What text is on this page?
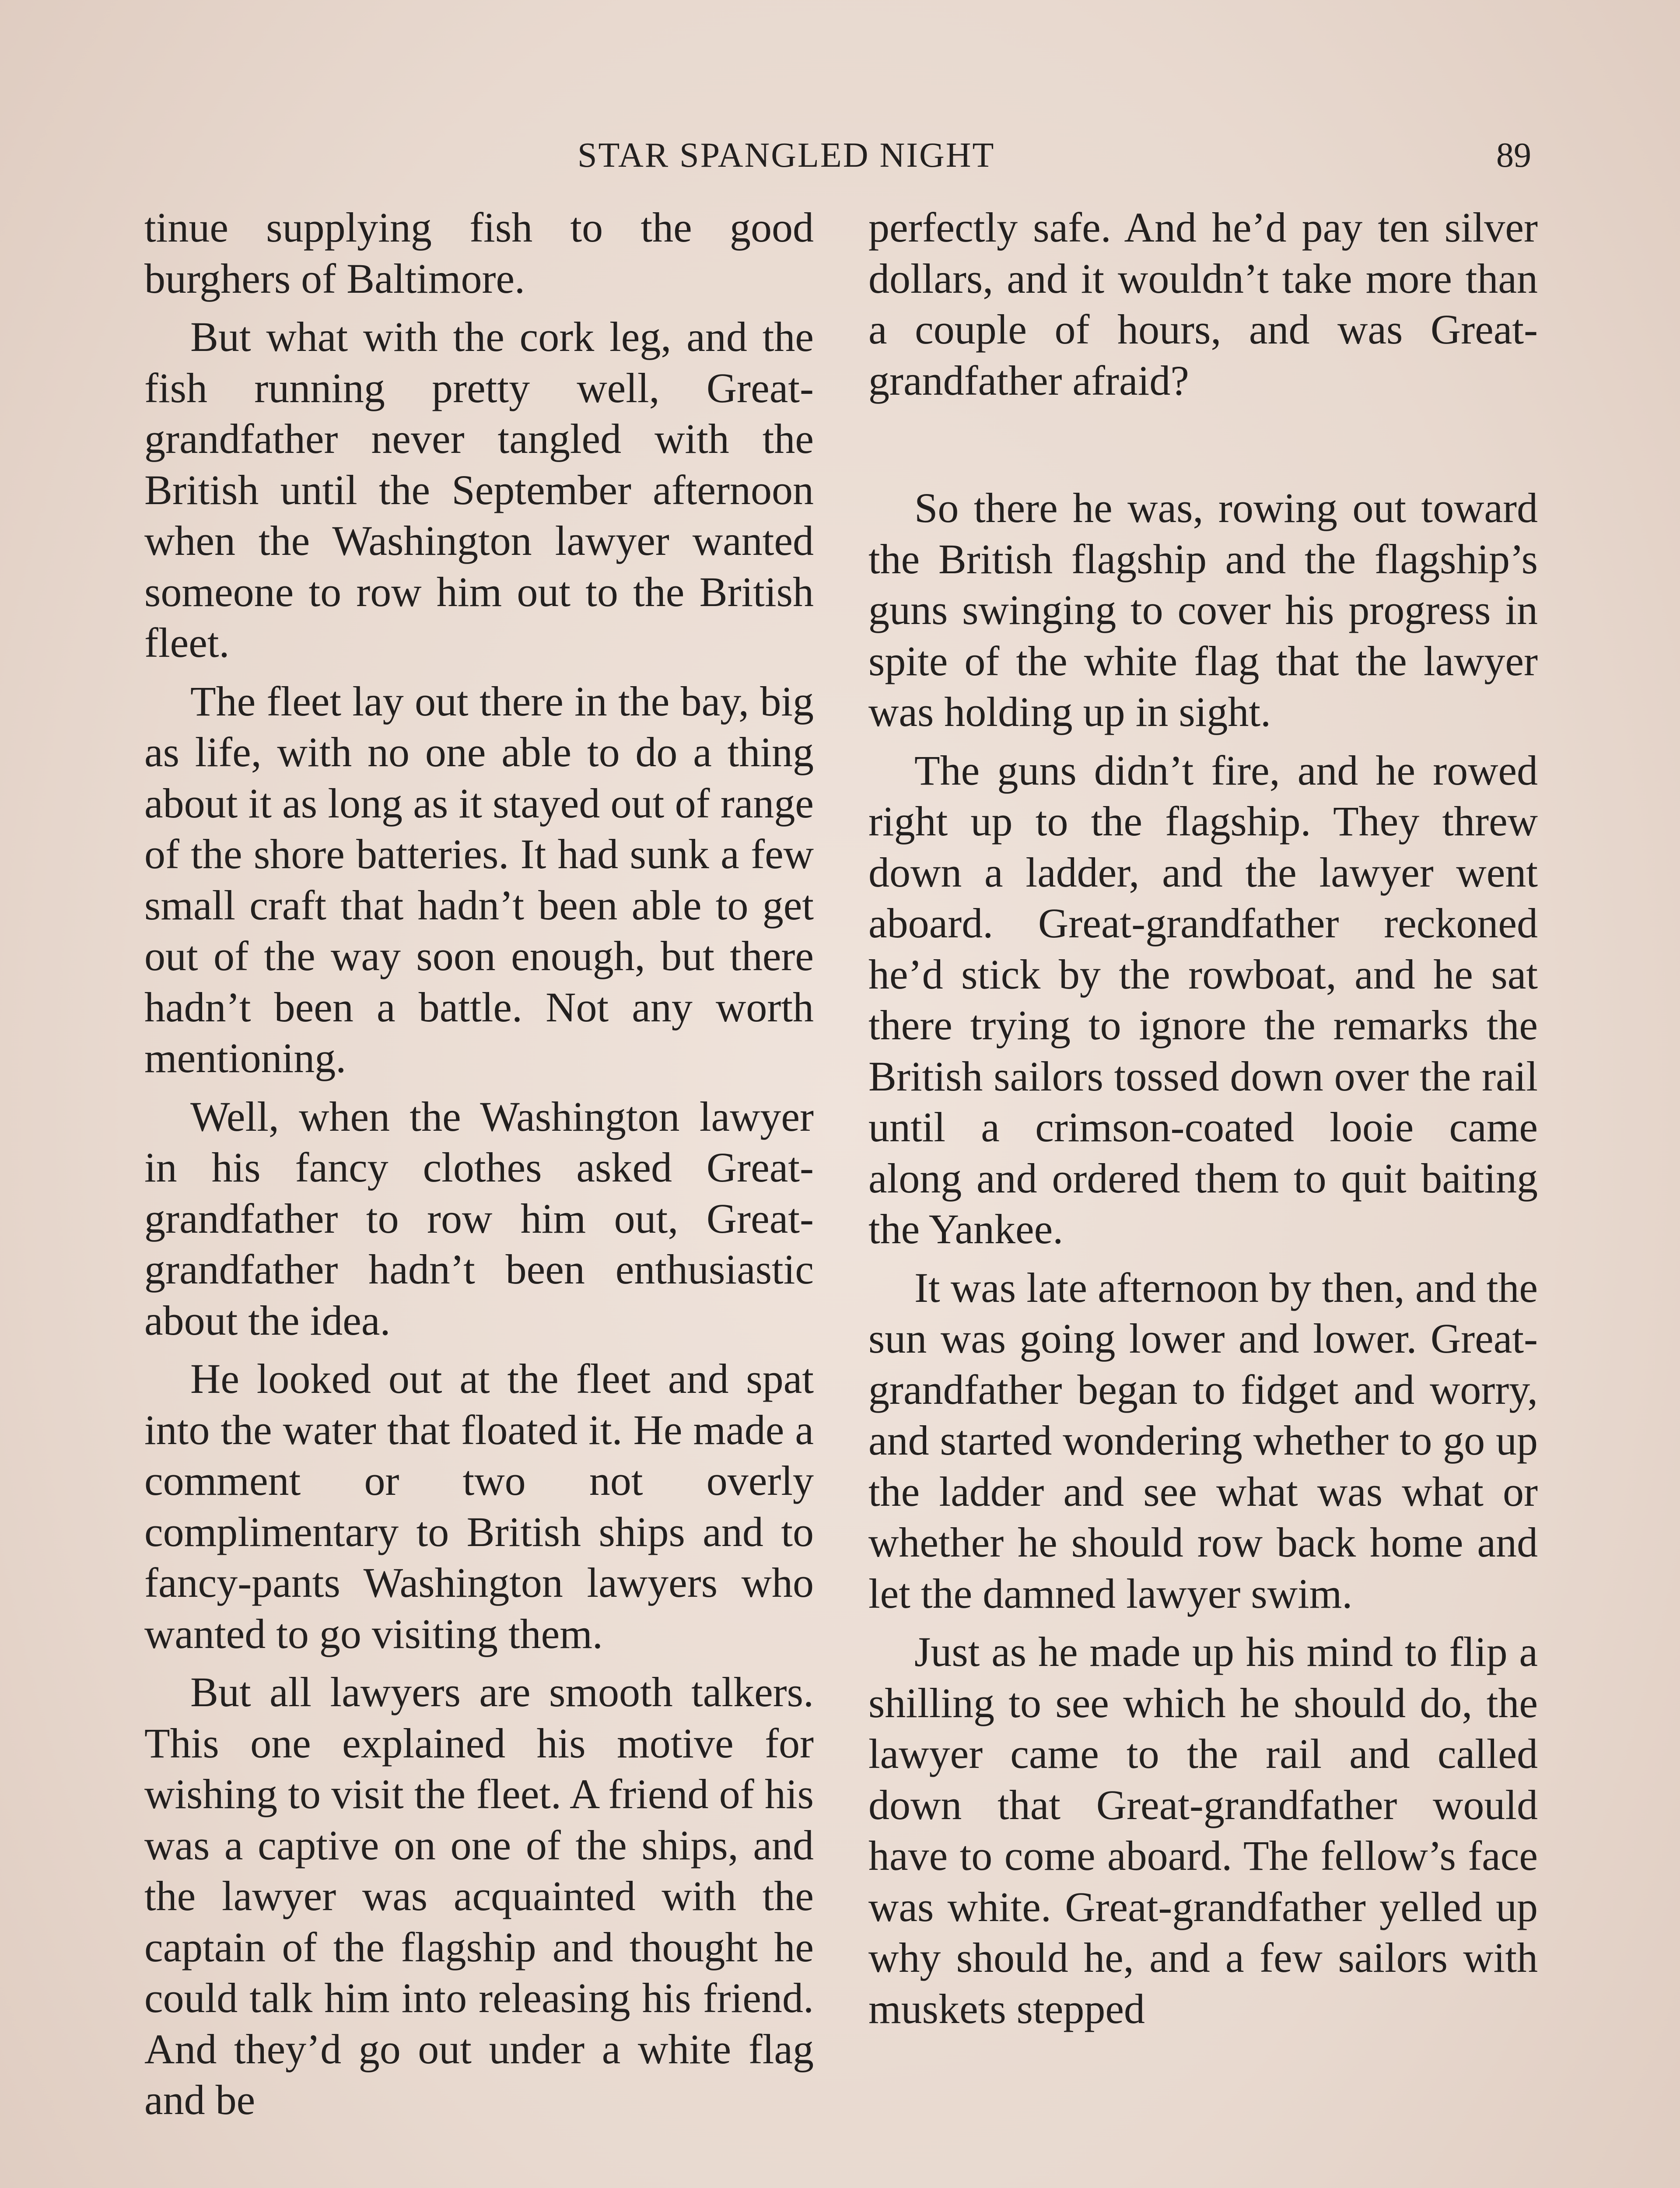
STAR SPANGLED NIGHT	89

tinue supplying fish to the good burghers of Baltimore.

But what with the cork leg, and the fish running pretty well, Great-grandfather never tangled with the British until the September afternoon when the Washington lawyer wanted someone to row him out to the British fleet.

The fleet lay out there in the bay, big as life, with no one able to do a thing about it as long as it stayed out of range of the shore batteries. It had sunk a few small craft that hadn’t been able to get out of the way soon enough, but there hadn’t been a battle. Not any worth mentioning.

Well, when the Washington lawyer in his fancy clothes asked Great-grandfather to row him out, Great-grandfather hadn’t been enthusiastic about the idea.

He looked out at the fleet and spat into the water that floated it. He made a comment or two not overly complimentary to British ships and to fancy-pants Washington lawyers who wanted to go visiting them.

But all lawyers are smooth talkers. This one explained his motive for wishing to visit the fleet. A friend of his was a captive on one of the ships, and the lawyer was acquainted with the captain of the flagship and thought he could talk him into releasing his friend. And they’d go out under a white flag and be

perfectly safe. And he’d pay ten silver dollars, and it wouldn’t take more than a couple of hours, and was Great-grandfather afraid?

So there he was, rowing out toward the British flagship and the flagship’s guns swinging to cover his progress in spite of the white flag that the lawyer was holding up in sight.

The guns didn’t fire, and he rowed right up to the flagship. They threw down a ladder, and the lawyer went aboard. Great-grandfather reckoned he’d stick by the rowboat, and he sat there trying to ignore the remarks the British sailors tossed down over the rail until a crimson-coated looie came along and ordered them to quit baiting the Yankee.

It was late afternoon by then, and the sun was going lower and lower. Great-grandfather began to fidget and worry, and started wondering whether to go up the ladder and see what was what or whether he should row back home and let the damned lawyer swim.

Just as he made up his mind to flip a shilling to see which he should do, the lawyer came to the rail and called down that Great-grandfather would have to come aboard. The fellow’s face was white. Great-grandfather yelled up why should he, and a few sailors with muskets stepped
